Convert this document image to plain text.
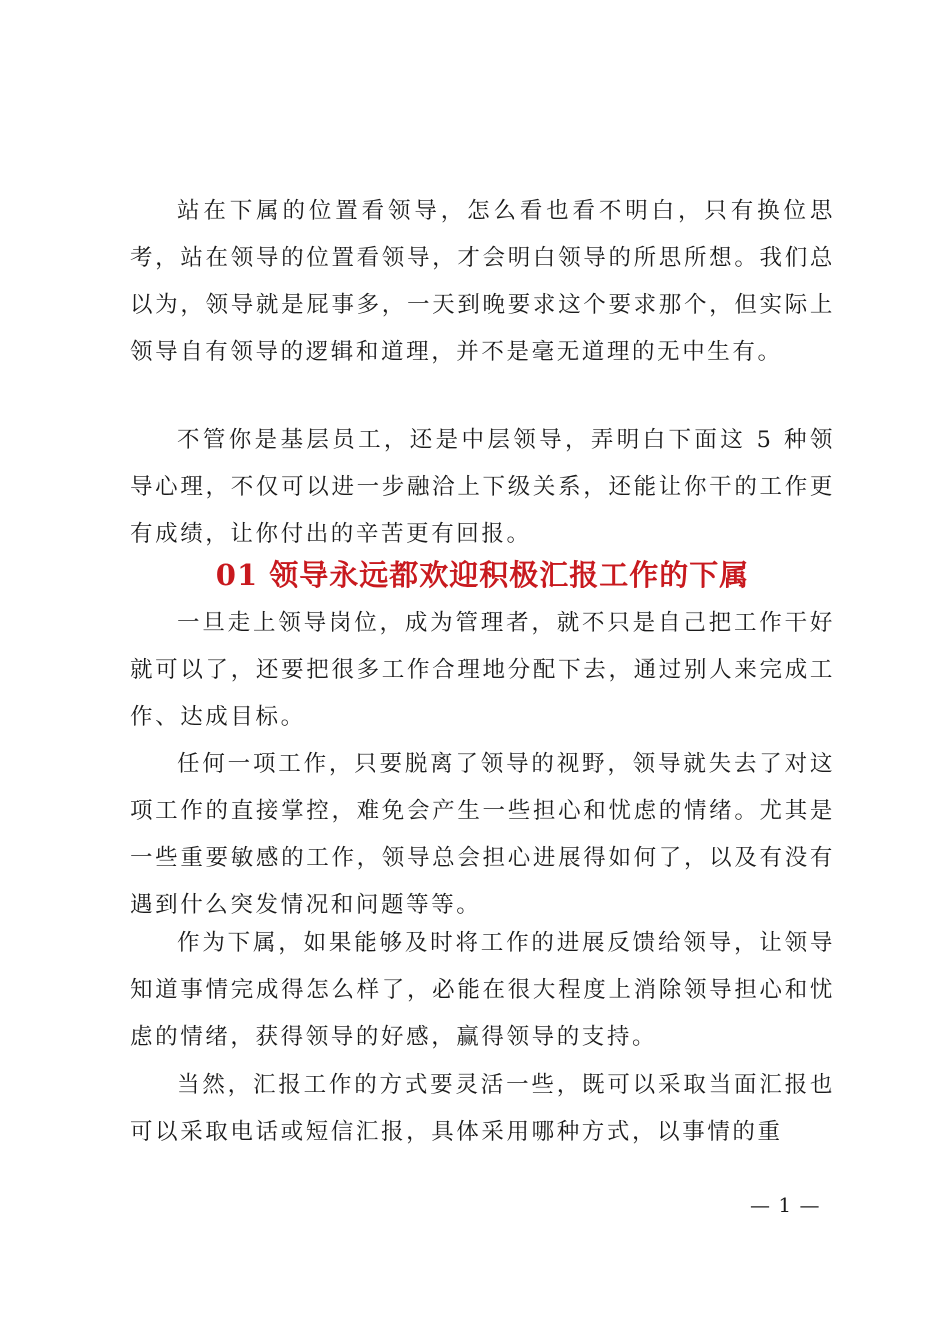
站在下属的位置看领导，怎么看也看不明白，只有换位思考，站在领导的位置看领导，才会明白领导的所思所想。我们总以为，领导就是屁事多，一天到晚要求这个要求那个，但实际上领导自有领导的逻辑和道理，并不是毫无道理的无中生有。

不管你是基层员工，还是中层领导，弄明白下面这 5 种领导心理，不仅可以进一步融洽上下级关系，还能让你干的工作更有成绩，让你付出的辛苦更有回报。

01 领导永远都欢迎积极汇报工作的下属

一旦走上领导岗位，成为管理者，就不只是自己把工作干好就可以了，还要把很多工作合理地分配下去，通过别人来完成工作、达成目标。

任何一项工作，只要脱离了领导的视野，领导就失去了对这项工作的直接掌控，难免会产生一些担心和忧虑的情绪。尤其是一些重要敏感的工作，领导总会担心进展得如何了，以及有没有遇到什么突发情况和问题等等。

作为下属，如果能够及时将工作的进展反馈给领导，让领导知道事情完成得怎么样了，必能在很大程度上消除领导担心和忧虑的情绪，获得领导的好感，赢得领导的支持。

当然，汇报工作的方式要灵活一些，既可以采取当面汇报也可以采取电话或短信汇报，具体采用哪种方式，以事情的重

— 1 —
